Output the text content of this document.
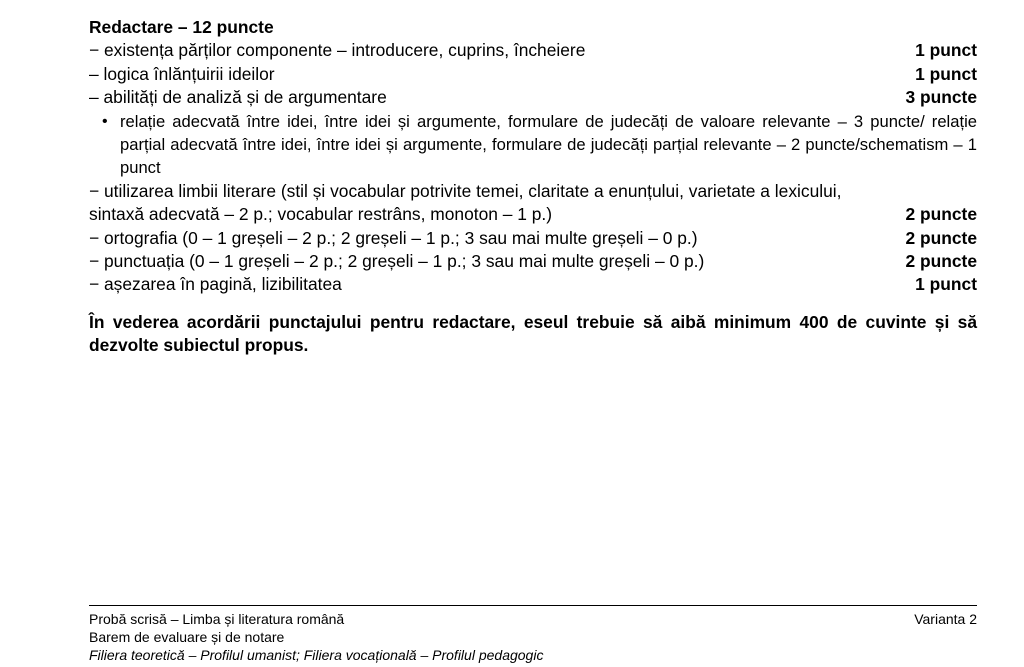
Redactare – 12 puncte
− existența părților componente – introducere, cuprins, încheiere	1 punct
– logica înlănțuirii ideilor	1 punct
– abilități de analiză și de argumentare	3 puncte
• relație adecvată între idei, între idei și argumente, formulare de judecăți de valoare relevante – 3 puncte/ relație parțial adecvată între idei, între idei și argumente, formulare de judecăți parțial relevante – 2 puncte/schematism – 1 punct
− utilizarea limbii literare (stil și vocabular potrivite temei, claritate a enunțului, varietate a lexicului,
sintaxă adecvată – 2 p.; vocabular restrâns, monoton – 1 p.)	2 puncte
− ortografia (0 – 1 greșeli – 2 p.; 2 greșeli – 1 p.; 3 sau mai multe greșeli – 0 p.)	2 puncte
− punctuația (0 – 1 greșeli – 2 p.; 2 greșeli – 1 p.; 3 sau mai multe greșeli – 0 p.)	2 puncte
− așezarea în pagină, lizibilitatea	1 punct
În vederea acordării punctajului pentru redactare, eseul trebuie să aibă minimum 400 de cuvinte și să dezvolte subiectul propus.
Probă scrisă – Limba și literatura română	Varianta 2
Barem de evaluare și de notare
Filiera teoretică – Profilul umanist; Filiera vocațională – Profilul pedagogic
